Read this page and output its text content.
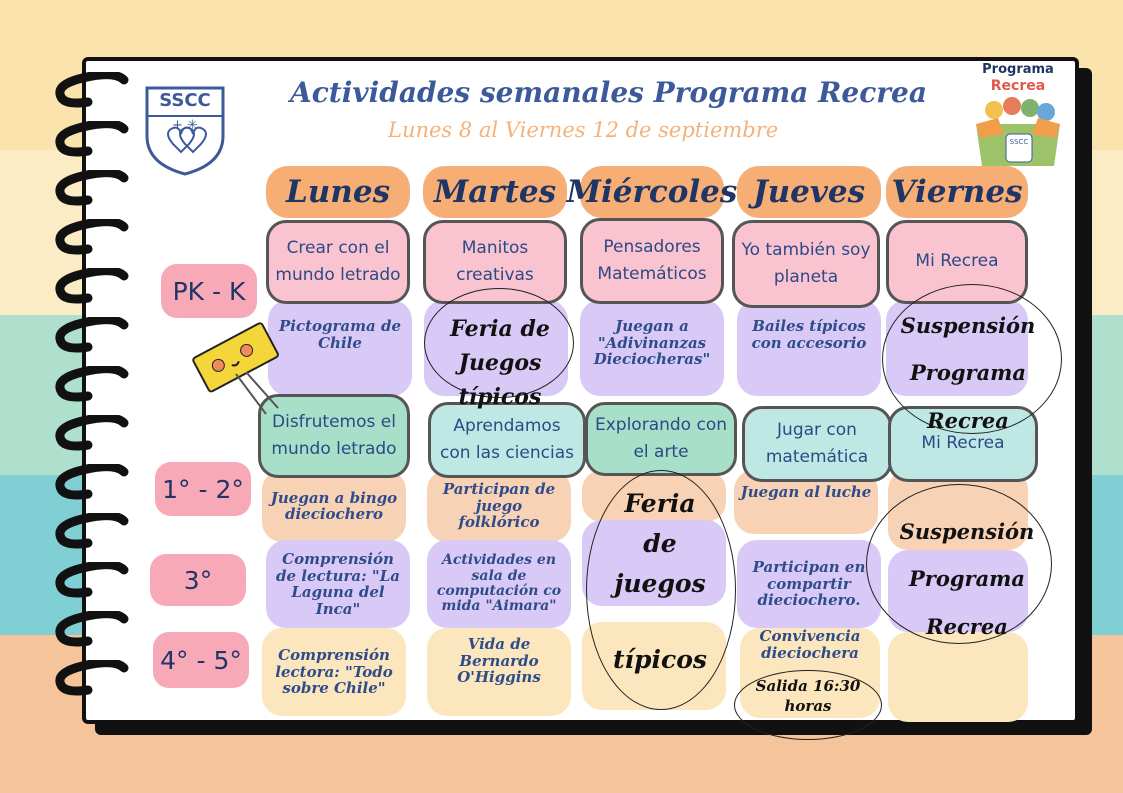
SSCC
+ ✳
Actividades semanales Programa Recrea
Lunes 8 al Viernes 12 de septiembre
Programa
Recrea
SSCC
Lunes	Martes Miércoles Jueves Viernes
PK - K
1° - 2°
3°
4° - 5°
Pictograma de Chile
Juegan a "Adivinanzas Dieciocheras"
Bailes típicos con accesorio
Crear con el mundo letrado
Manitos creativas
Pensadores Matemáticos
Yo también soy planeta
Mi Recrea
Juegan a bingo dieciochero
Participan de juego folklórico
Juegan al luche
Comprensión de lectura: "La Laguna del Inca"
Actividades en sala de computación co mida "Aimara"
Participan en compartir dieciochero.
Comprensión lectora: "Todo sobre Chile"
Vida de Bernardo O'Higgins
Convivencia dieciochera
Disfrutemos el mundo letrado
Aprendamos con las ciencias
Explorando con el arte
Jugar con matemática
Mi Recrea
Feria de
Juegos
típicos
Feria
de
juegos
típicos
Suspensión
Programa
Recrea
Suspensión
Programa
Recrea
Salida 16:30
horas
